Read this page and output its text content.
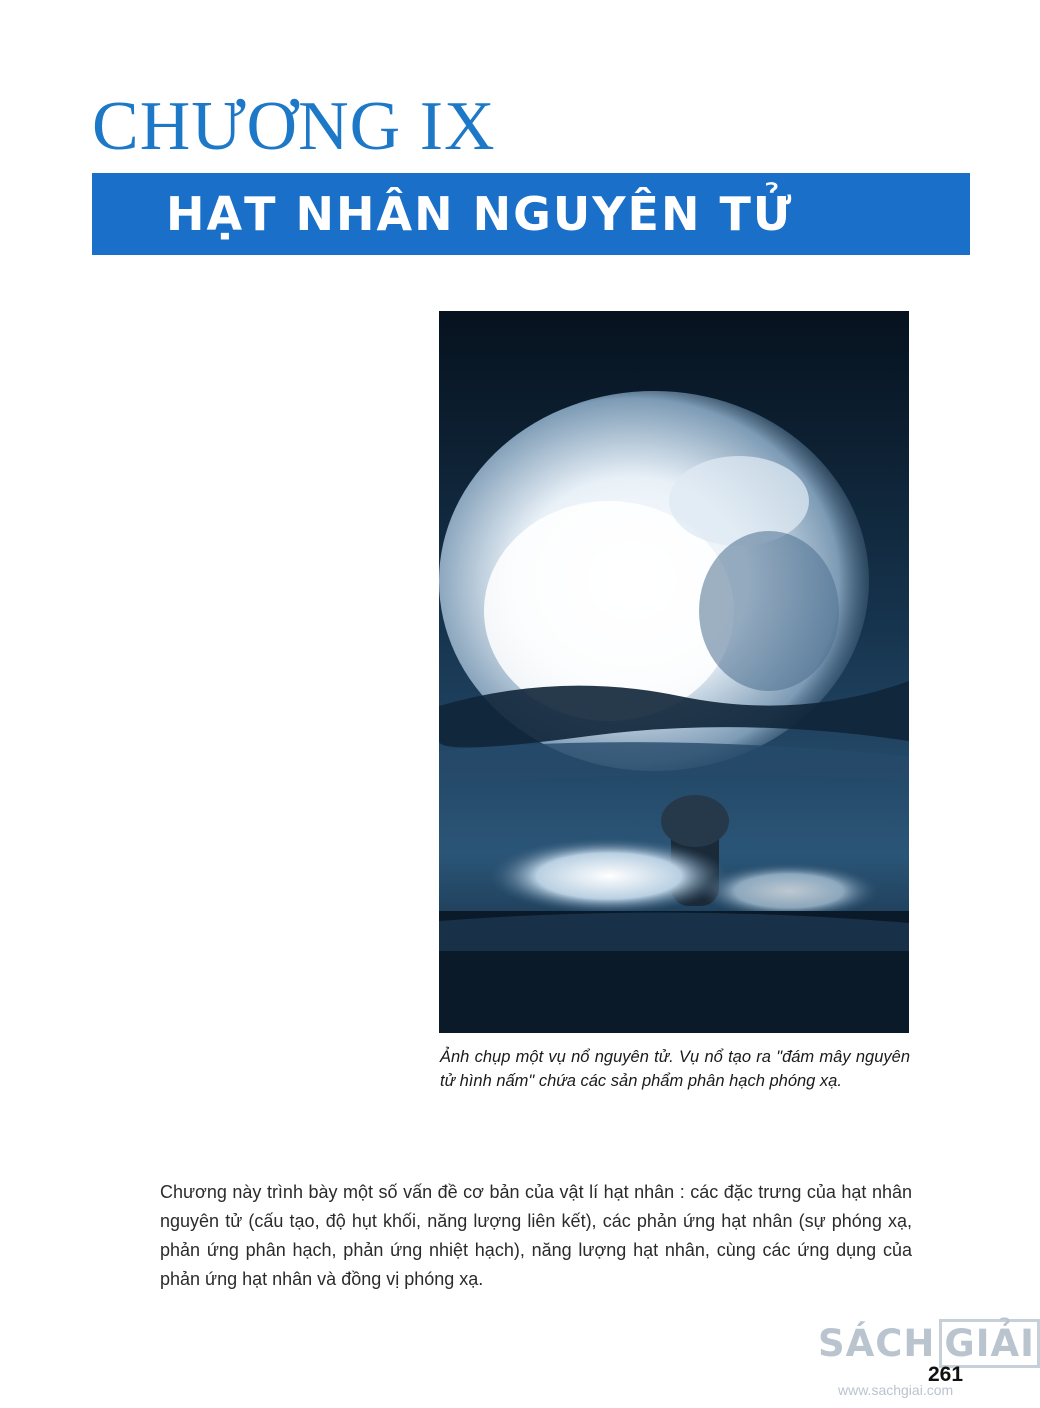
CHƯƠNG IX
HẠT NHÂN NGUYÊN TỬ

Ảnh chụp một vụ nổ nguyên tử. Vụ nổ tạo ra "đám mây nguyên tử hình nấm" chứa các sản phẩm phân hạch phóng xạ.

Chương này trình bày một số vấn đề cơ bản của vật lí hạt nhân : các đặc trưng của hạt nhân nguyên tử (cấu tạo, độ hụt khối, năng lượng liên kết), các phản ứng hạt nhân (sự phóng xạ, phản ứng phân hạch, phản ứng nhiệt hạch), năng lượng hạt nhân, cùng các ứng dụng của phản ứng hạt nhân và đồng vị phóng xạ.

SÁCH GIẢI
261
www.sachgiai.com
